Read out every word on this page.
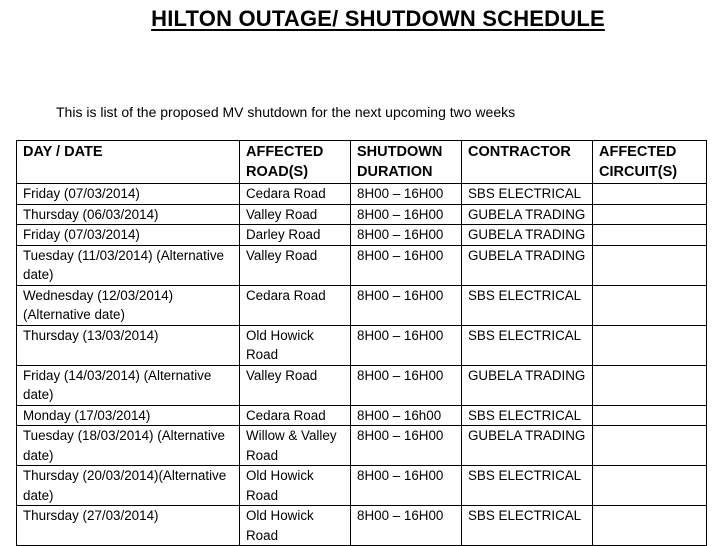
HILTON OUTAGE/ SHUTDOWN SCHEDULE
This is list of the proposed MV shutdown for the next upcoming two weeks
DAY / DATE	AFFECTED ROAD(S)	SHUTDOWN DURATION	CONTRACTOR	AFFECTED CIRCUIT(S)
Friday (07/03/2014)	Cedara Road	8H00 – 16H00	SBS ELECTRICAL	
Thursday (06/03/2014)	Valley Road	8H00 – 16H00	GUBELA TRADING	
Friday (07/03/2014)	Darley Road	8H00 – 16H00	GUBELA TRADING	
Tuesday (11/03/2014) (Alternative date)	Valley Road	8H00 – 16H00	GUBELA TRADING	
Wednesday (12/03/2014)(Alternative date)	Cedara Road	8H00 – 16H00	SBS ELECTRICAL	
Thursday (13/03/2014)	Old Howick Road	8H00 – 16H00	SBS ELECTRICAL	
Friday (14/03/2014) (Alternative date)	Valley Road	8H00 – 16H00	GUBELA TRADING	
Monday (17/03/2014)	Cedara Road	8H00 – 16h00	SBS ELECTRICAL	
Tuesday (18/03/2014) (Alternative date)	Willow & Valley Road	8H00 – 16H00	GUBELA TRADING	
Thursday (20/03/2014)(Alternative date)	Old Howick Road	8H00 – 16H00	SBS ELECTRICAL	
Thursday (27/03/2014)	Old Howick Road	8H00 – 16H00	SBS ELECTRICAL	
